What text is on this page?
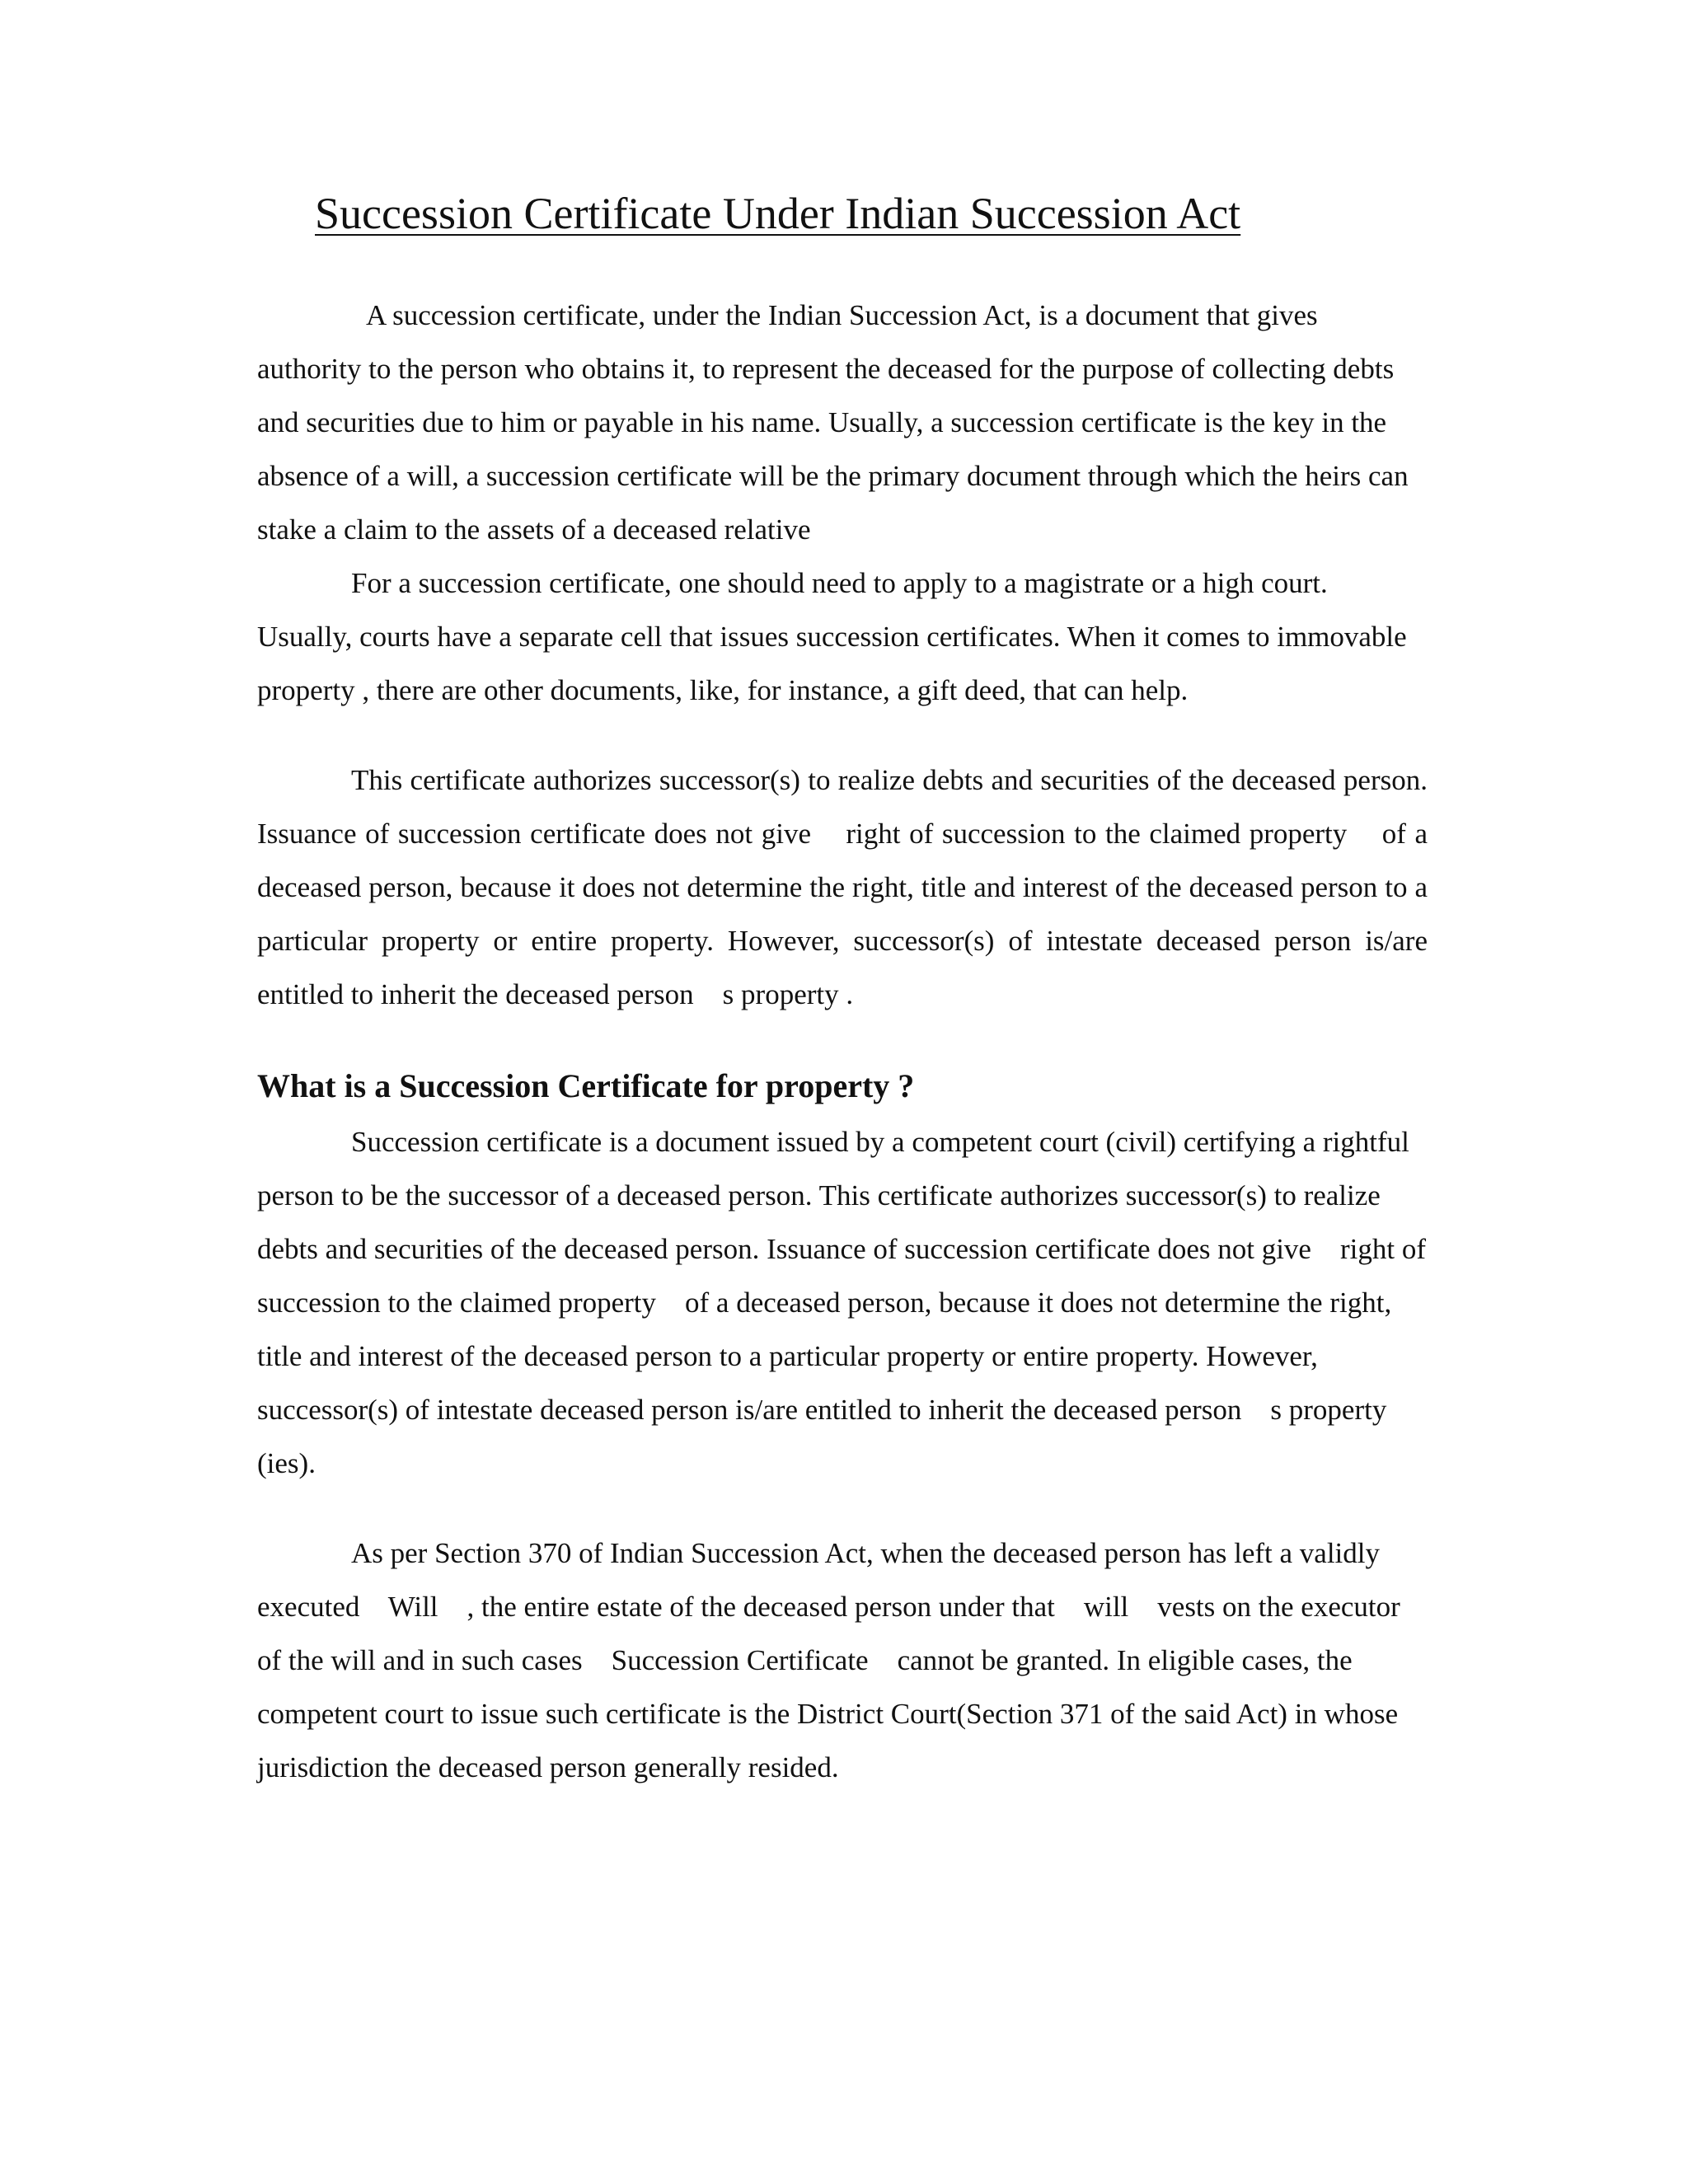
Succession Certificate Under Indian Succession Act

A succession certificate, under the Indian Succession Act, is a document that gives authority to the person who obtains it, to represent the deceased for the purpose of collecting debts and securities due to him or payable in his name. Usually, a succession certificate is the key in the absence of a will, a succession certificate will be the primary document through which the heirs can stake a claim to the assets of a deceased relative

For a succession certificate, one should need to apply to a magistrate or a high court. Usually, courts have a separate cell that issues succession certificates. When it comes to immovable property , there are other documents, like, for instance, a gift deed, that can help.

This certificate authorizes successor(s) to realize debts and securities of the deceased person. Issuance of succession certificate does not give    right of succession to the claimed property    of a deceased person, because it does not determine the right, title and interest of the deceased person to a particular property or entire property. However, successor(s) of intestate deceased person is/are entitled to inherit the deceased person    s property .

What is a Succession Certificate for property ?

Succession certificate is a document issued by a competent court (civil) certifying a rightful person to be the successor of a deceased person. This certificate authorizes successor(s) to realize debts and securities of the deceased person. Issuance of succession certificate does not give    right of succession to the claimed property    of a deceased person, because it does not determine the right, title and interest of the deceased person to a particular property or entire property. However, successor(s) of intestate deceased person is/are entitled to inherit the deceased person    s property (ies).

As per Section 370 of Indian Succession Act, when the deceased person has left a validly executed    Will    , the entire estate of the deceased person under that    will    vests on the executor of the will and in such cases    Succession Certificate    cannot be granted. In eligible cases, the competent court to issue such certificate is the District Court(Section 371 of the said Act) in whose jurisdiction the deceased person generally resided.
